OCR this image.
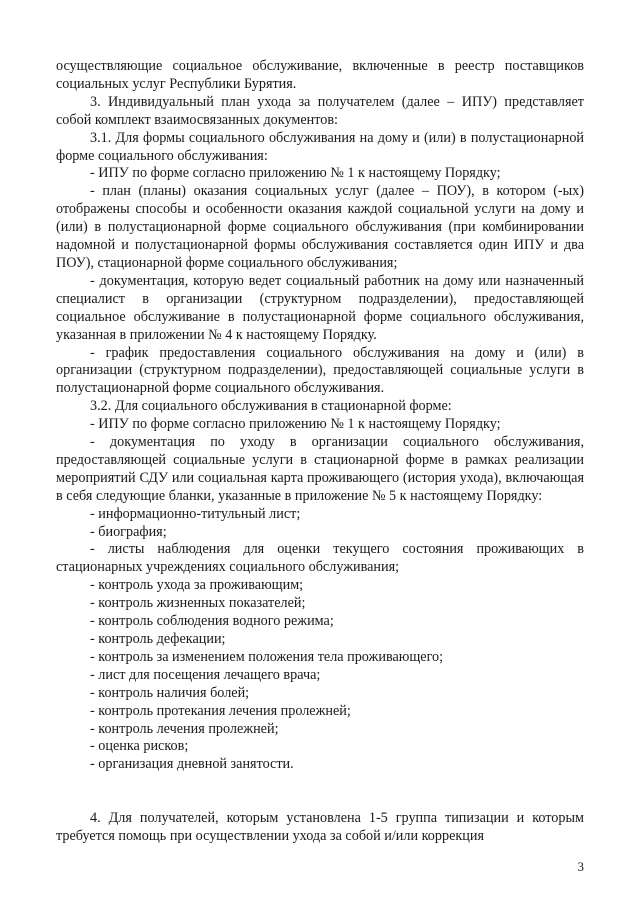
осуществляющие социальное обслуживание, включенные в реестр поставщиков социальных услуг Республики Бурятия.

3. Индивидуальный план ухода за получателем (далее – ИПУ) представляет собой комплект взаимосвязанных документов:

3.1. Для формы социального обслуживания на дому и (или) в полустационарной форме социального обслуживания:

- ИПУ по форме согласно приложению № 1 к настоящему Порядку;

- план (планы) оказания социальных услуг (далее – ПОУ), в котором (-ых) отображены способы и особенности оказания каждой социальной услуги на дому и (или) в полустационарной форме социального обслуживания (при комбинировании надомной и полустационарной формы обслуживания составляется один ИПУ и два ПОУ), стационарной форме социального обслуживания;

- документация, которую ведет социальный работник на дому или назначенный специалист в организации (структурном подразделении), предоставляющей социальное обслуживание в полустационарной форме социального обслуживания, указанная в приложении № 4 к настоящему Порядку.

- график предоставления социального обслуживания на дому и (или) в организации (структурном подразделении), предоставляющей социальные услуги в полустационарной форме социального обслуживания.

3.2. Для социального обслуживания в стационарной форме:

- ИПУ по форме согласно приложению № 1 к настоящему Порядку;

- документация по уходу в организации социального обслуживания, предоставляющей социальные услуги в стационарной форме в рамках реализации мероприятий СДУ или социальная карта проживающего (история ухода), включающая в себя следующие бланки, указанные в приложение № 5 к настоящему Порядку:

- информационно-титульный лист;

- биография;

- листы наблюдения для оценки текущего состояния проживающих в стационарных учреждениях социального обслуживания;

- контроль ухода за проживающим;

- контроль жизненных показателей;

- контроль соблюдения водного режима;

- контроль дефекации;

- контроль за изменением положения тела проживающего;

- лист для посещения лечащего врача;

- контроль наличия болей;

- контроль протекания лечения пролежней;

- контроль лечения пролежней;

- оценка рисков;

- организация дневной занятости.

4. Для получателей, которым установлена 1-5 группа типизации и которым требуется помощь при осуществлении ухода за собой и/или коррекция

3
